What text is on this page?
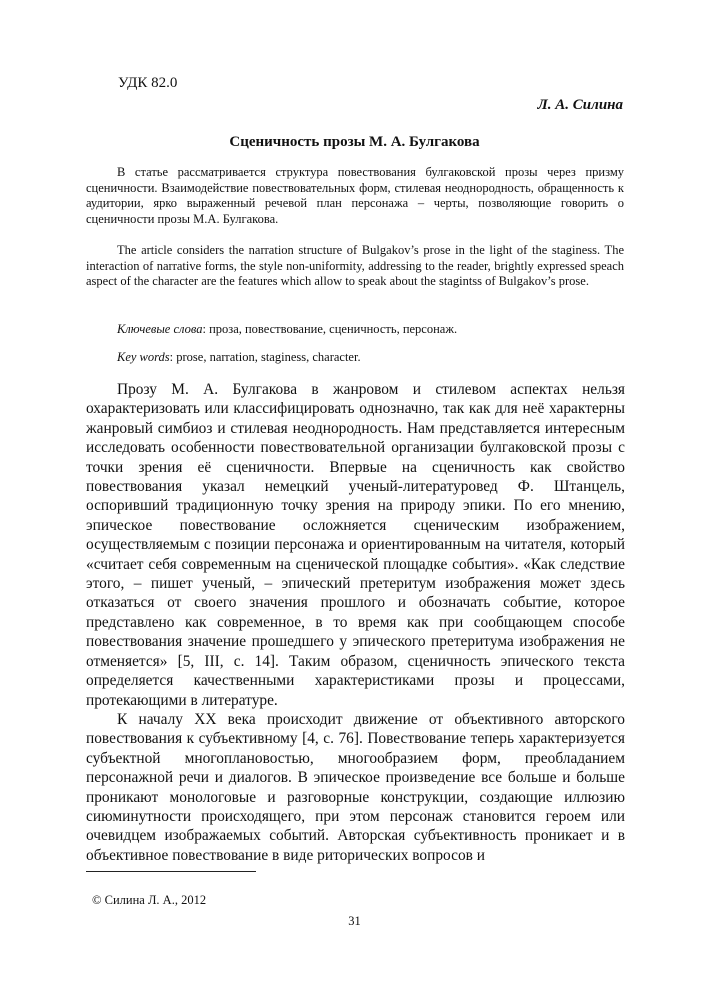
УДК 82.0
Л. А. Силина
Сценичность прозы М. А. Булгакова

В статье рассматривается структура повествования булгаковской прозы через призму сценичности. Взаимодействие повествовательных форм, стилевая неоднородность, обращенность к аудитории, ярко выраженный речевой план персонажа – черты, позволяющие говорить о сценичности прозы М.А. Булгакова.

The article considers the narration structure of Bulgakov’s prose in the light of the staginess. The interaction of narrative forms, the style non-uniformity, addressing to the reader, brightly expressed speach aspect of the character are the features which allow to speak about the stagintss of Bulgakov’s prose.

Ключевые слова: проза, повествование, сценичность, персонаж.

Key words: prose, narration, staginess, character.

Прозу М. А. Булгакова в жанровом и стилевом аспектах нельзя охарактеризовать или классифицировать однозначно, так как для неё характерны жанровый симбиоз и стилевая неоднородность. Нам представляется интересным исследовать особенности повествовательной организации булгаковской прозы с точки зрения её сценичности. Впервые на сценичность как свойство повествования указал немецкий ученый-литературовед Ф. Штанцель, оспоривший традиционную точку зрения на природу эпики. По его мнению, эпическое повествование осложняется сценическим изображением, осуществляемым с позиции персонажа и ориентированным на читателя, который «считает себя современным на сценической площадке события». «Как следствие этого, – пишет ученый, – эпический претеритум изображения может здесь отказаться от своего значения прошлого и обозначать событие, которое представлено как современное, в то время как при сообщающем способе повествования значение прошедшего у эпического претеритума изображения не отменяется» [5, III, с. 14]. Таким образом, сценичность эпического текста определяется качественными характеристиками прозы и процессами, протекающими в литературе.

К началу XX века происходит движение от объективного авторского повествования к субъективному [4, с. 76]. Повествование теперь характеризуется субъектной многоплановостью, многообразием форм, преобладанием персонажной речи и диалогов. В эпическое произведение все больше и больше проникают монологовые и разговорные конструкции, создающие иллюзию сиюминутности происходящего, при этом персонаж становится героем или очевидцем изображаемых событий. Авторская субъективность проникает и в объективное повествование в виде риторических вопросов и

© Силина Л. А., 2012
31
